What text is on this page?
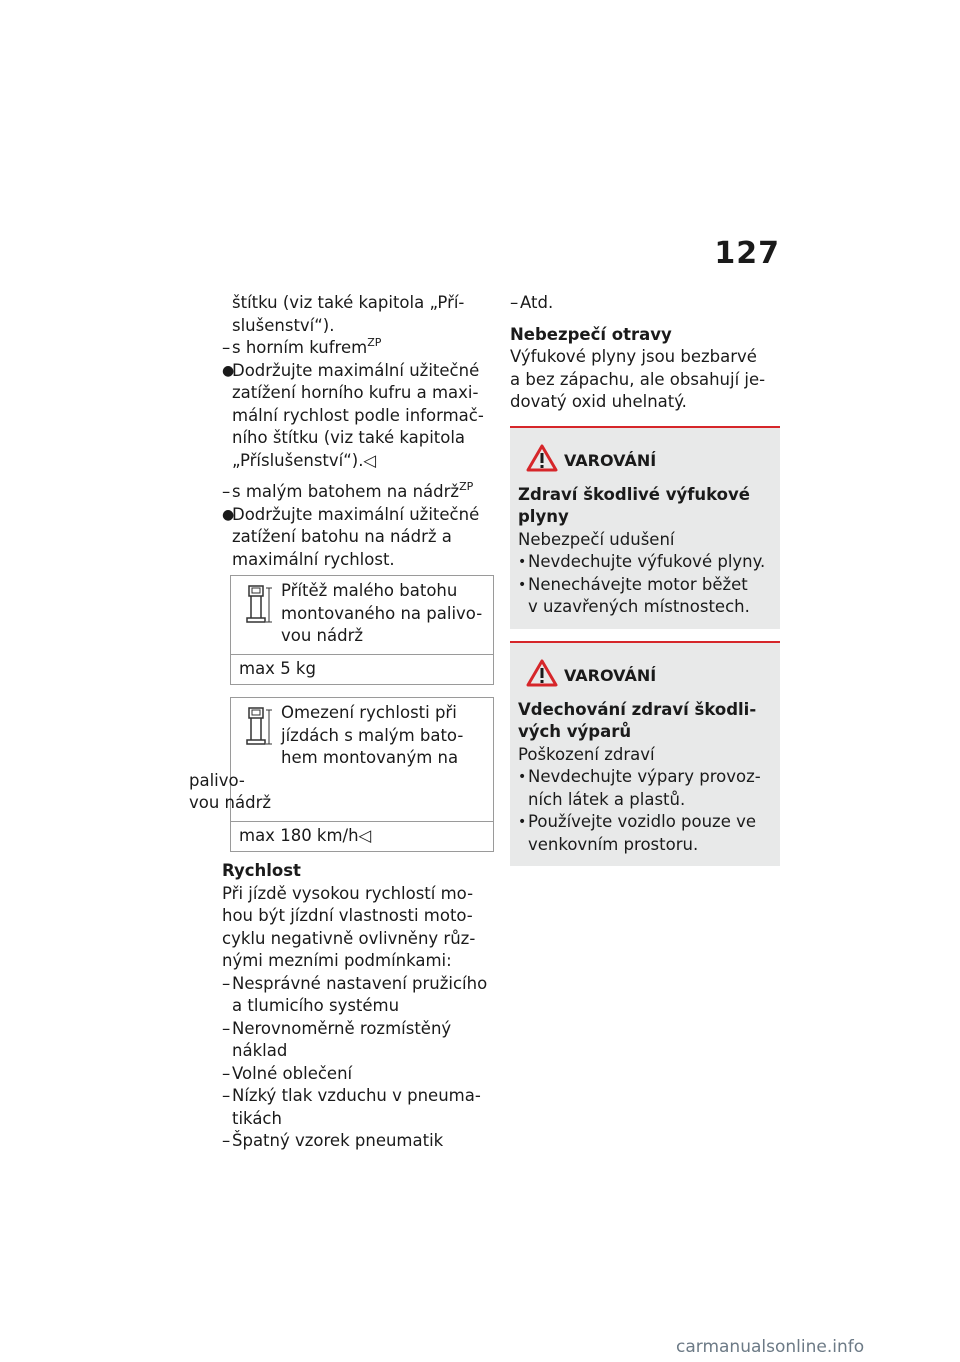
127
štítku (viz také kapitola „Pří-
slušenství“).
– s horním kufrem$^{ZP}$
●
Dodržujte maximální užitečné
zatížení horního kufru a maxi-
mální rychlost podle informač-
ního štítku (viz také kapitola
„Příslušenství“).◁
– s malým batohem na nádrž$^{ZP}$
●
Dodržujte maximální užitečné
zatížení batohu na nádrž a
maximální rychlost.
Přítěž malého batohu
montovaného na palivo-
vou nádrž
max 5 kg
Omezení rychlosti při
jízdách s malým bato-
hem montovaným na palivo-
vou nádrž
max 180 km/h◁
Rychlost
Při jízdě vysokou rychlostí mo-
hou být jízdní vlastnosti moto-
cyklu negativně ovlivněny růz-
nými mezními podmínkami:
– Nesprávné nastavení pružicího
a tlumicího systému
– Nerovnoměrně rozmístěný
náklad
– Volné oblečení
– Nízký tlak vzduchu v pneuma-
tikách
– Špatný vzorek pneumatik
– Atd.
Nebezpečí otravy
Výfukové plyny jsou bezbarvé
a bez zápachu, ale obsahují je-
dovatý oxid uhelnatý.
VAROVÁNÍ
Zdraví škodlivé výfukové
plyny
Nebezpečí udušení
• Nevdechujte výfukové plyny.
• Nenechávejte motor běžet
v uzavřených místnostech.
VAROVÁNÍ
Vdechování zdraví škodli-
vých výparů
Poškození zdraví
• Nevdechujte výpary provoz-
ních látek a plastů.
• Používejte vozidlo pouze ve
venkovním prostoru.
carmanualsonline.info
